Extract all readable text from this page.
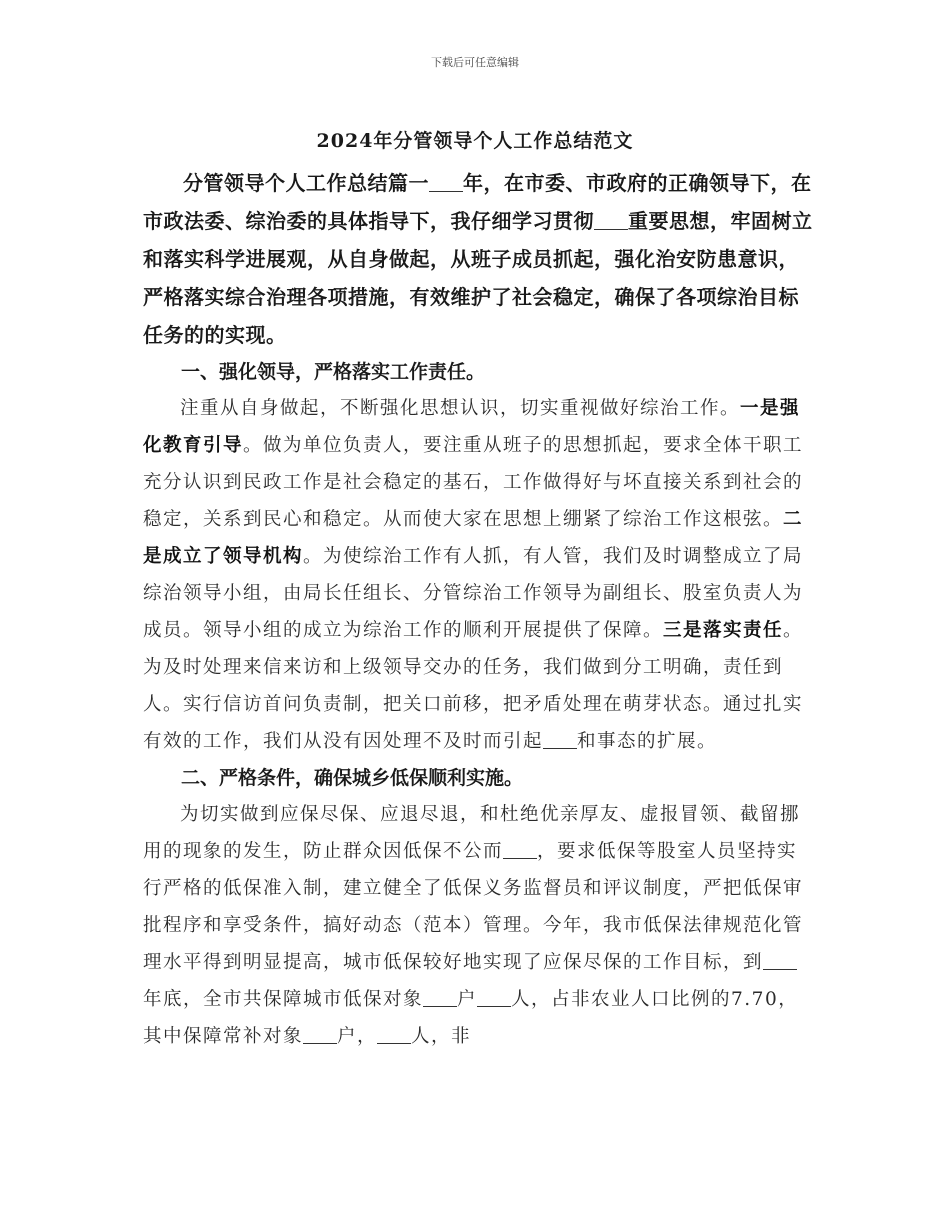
下载后可任意编辑
2024年分管领导个人工作总结范文

分管领导个人工作总结篇一 年，在市委、市政府的正确领导下，在市政法委、综治委的具体指导下，我仔细学习贯彻 重要思想，牢固树立和落实科学进展观，从自身做起，从班子成员抓起，强化治安防患意识，严格落实综合治理各项措施，有效维护了社会稳定，确保了各项综治目标任务的的实现。

一、强化领导，严格落实工作责任。

注重从自身做起，不断强化思想认识，切实重视做好综治工作。一是强化教育引导。做为单位负责人，要注重从班子的思想抓起，要求全体干职工充分认识到民政工作是社会稳定的基石，工作做得好与坏直接关系到社会的稳定，关系到民心和稳定。从而使大家在思想上绷紧了综治工作这根弦。二是成立了领导机构。为使综治工作有人抓，有人管，我们及时调整成立了局综治领导小组，由局长任组长、分管综治工作领导为副组长、股室负责人为成员。领导小组的成立为综治工作的顺利开展提供了保障。三是落实责任。为及时处理来信来访和上级领导交办的任务，我们做到分工明确，责任到人。实行信访首问负责制，把关口前移，把矛盾处理在萌芽状态。通过扎实有效的工作，我们从没有因处理不及时而引起 和事态的扩展。

二、严格条件，确保城乡低保顺利实施。

为切实做到应保尽保、应退尽退，和杜绝优亲厚友、虚报冒领、截留挪用的现象的发生，防止群众因低保不公而 ，要求低保等股室人员坚持实行严格的低保准入制，建立健全了低保义务监督员和评议制度，严把低保审批程序和享受条件，搞好动态（范本）管理。今年，我市低保法律规范化管理水平得到明显提高，城市低保较好地实现了应保尽保的工作目标，到年底，全市共保障城市低保对象 户 人，占非农业人口比例的7.70，其中保障常补对象 户， 人，非
